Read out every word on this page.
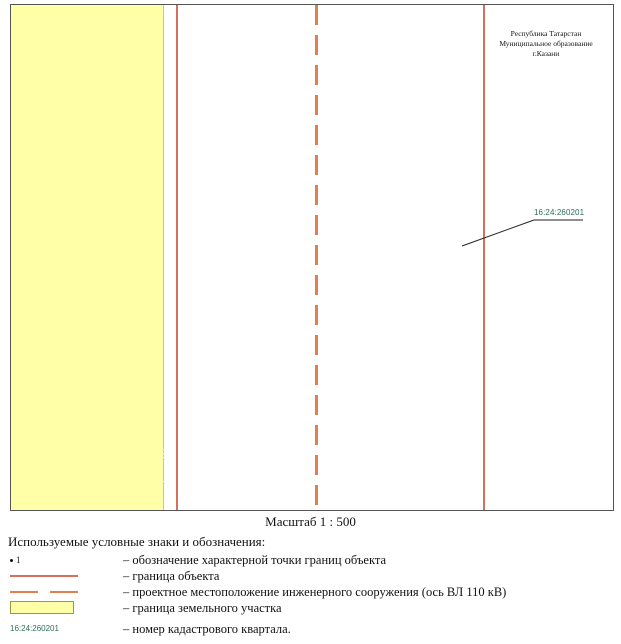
Республика Татарстан
Муниципальное образование
г.Казани
16:24:260201
Масштаб 1 : 500
Используемые условные знаки и обозначения:
1	– обозначение характерной точки границ объекта
– граница объекта
– проектное местоположение инженерного сооружения (ось ВЛ 110 кВ)
– граница земельного участка
16:24:260201	– номер кадастрового квартала.
